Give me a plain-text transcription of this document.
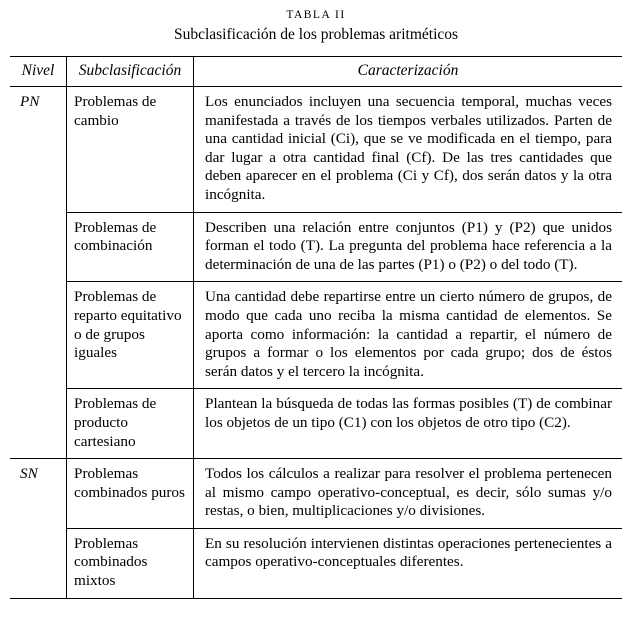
TABLA II
Subclasificación de los problemas aritméticos
Nivel	Subclasificación	Caracterización
PN	Problemas de cambio	Los enunciados incluyen una secuencia temporal, muchas veces manifestada a través de los tiempos verbales utilizados. Parten de una cantidad inicial (Ci), que se ve modificada en el tiempo, para dar lugar a otra cantidad final (Cf). De las tres cantidades que deben aparecer en el problema (Ci y Cf), dos serán datos y la otra incógnita.
	Problemas de combinación	Describen una relación entre conjuntos (P1) y (P2) que unidos forman el todo (T). La pregunta del problema hace referencia a la determinación de una de las partes (P1) o (P2) o del todo (T).
	Problemas de reparto equitativo o de grupos iguales	Una cantidad debe repartirse entre un cierto número de grupos, de modo que cada uno reciba la misma cantidad de elementos. Se aporta como información: la cantidad a repartir, el número de grupos a formar o los elementos por cada grupo; dos de éstos serán datos y el tercero la incógnita.
	Problemas de producto cartesiano	Plantean la búsqueda de todas las formas posibles (T) de combinar los objetos de un tipo (C1) con los objetos de otro tipo (C2).
SN	Problemas combinados puros	Todos los cálculos a realizar para resolver el problema pertenecen al mismo campo operativo-conceptual, es decir, sólo sumas y/o restas, o bien, multiplicaciones y/o divisiones.
	Problemas combinados mixtos	En su resolución intervienen distintas operaciones pertenecientes a campos operativo-conceptuales diferentes.
